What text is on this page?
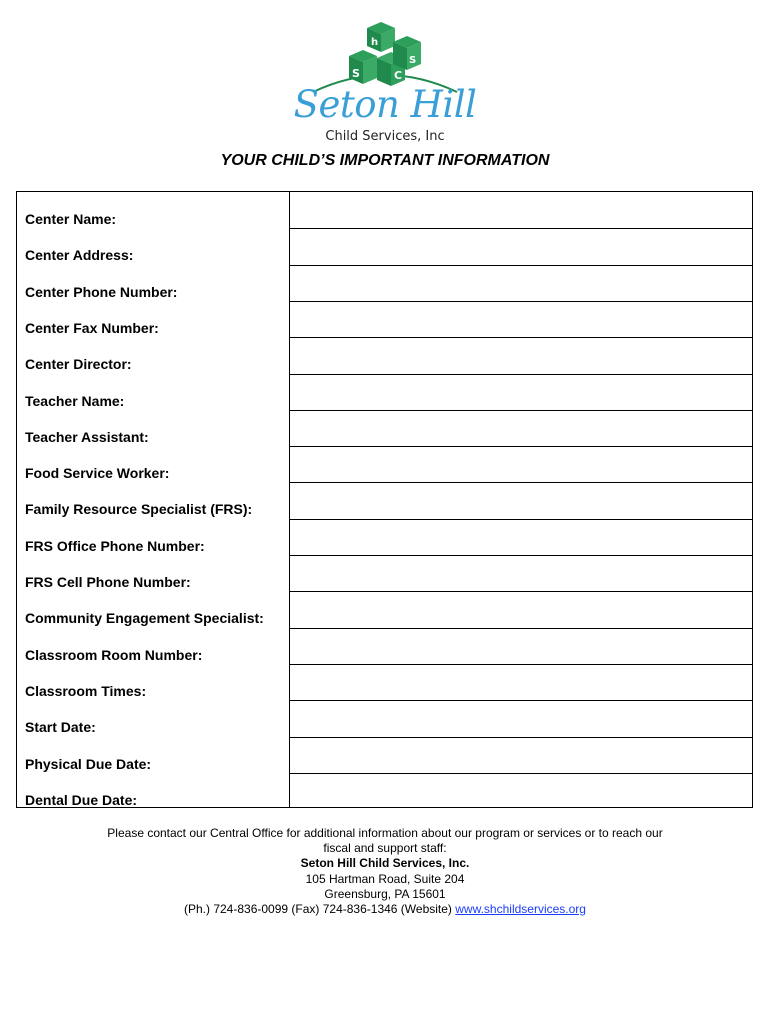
h
S	C
S
Seton Hill
Child Services, Inc
YOUR CHILD’S IMPORTANT INFORMATION
Center Name:
Center Address:
Center Phone Number:
Center Fax Number:
Center Director:
Teacher Name:
Teacher Assistant:
Food Service Worker:
Family Resource Specialist (FRS):
FRS Office Phone Number:
FRS Cell Phone Number:
Community Engagement Specialist:
Classroom Room Number:
Classroom Times:
Start Date:
Physical Due Date:
Dental Due Date:
Please contact our Central Office for additional information about our program or services or to reach our
fiscal and support staff:
Seton Hill Child Services, Inc.
105 Hartman Road, Suite 204
Greensburg, PA 15601
(Ph.) 724-836-0099 (Fax) 724-836-1346 (Website) www.shchildservices.org
